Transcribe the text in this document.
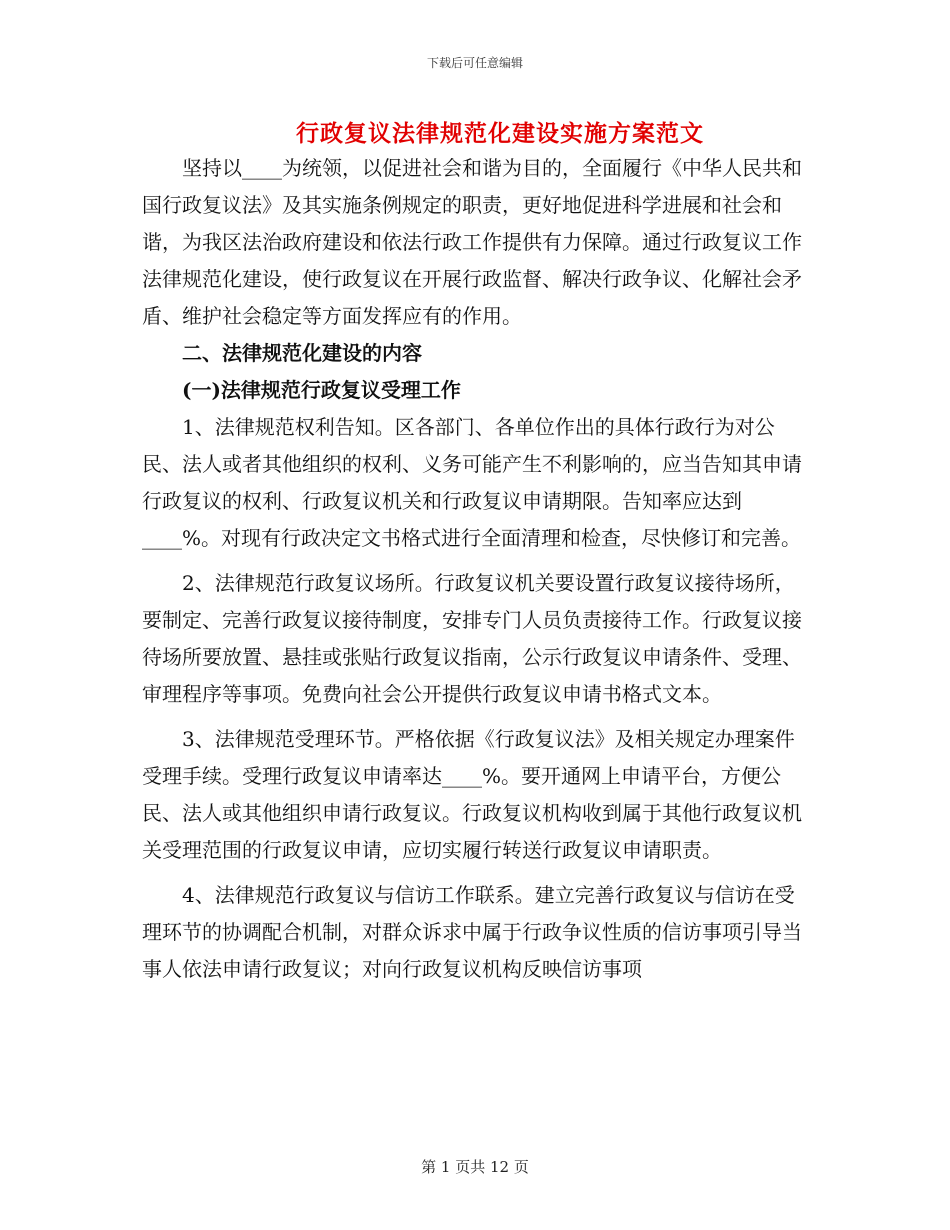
下载后可任意编辑
行政复议法律规范化建设实施方案范文

坚持以____为统领，以促进社会和谐为目的，全面履行《中华人民共和国行政复议法》及其实施条例规定的职责，更好地促进科学进展和社会和谐，为我区法治政府建设和依法行政工作提供有力保障。通过行政复议工作法律规范化建设，使行政复议在开展行政监督、解决行政争议、化解社会矛盾、维护社会稳定等方面发挥应有的作用。

二、法律规范化建设的内容

(一)法律规范行政复议受理工作

1、法律规范权利告知。区各部门、各单位作出的具体行政行为对公民、法人或者其他组织的权利、义务可能产生不利影响的，应当告知其申请行政复议的权利、行政复议机关和行政复议申请期限。告知率应达到____%。对现有行政决定文书格式进行全面清理和检查，尽快修订和完善。

2、法律规范行政复议场所。行政复议机关要设置行政复议接待场所，要制定、完善行政复议接待制度，安排专门人员负责接待工作。行政复议接待场所要放置、悬挂或张贴行政复议指南，公示行政复议申请条件、受理、审理程序等事项。免费向社会公开提供行政复议申请书格式文本。

3、法律规范受理环节。严格依据《行政复议法》及相关规定办理案件受理手续。受理行政复议申请率达____%。要开通网上申请平台，方便公民、法人或其他组织申请行政复议。行政复议机构收到属于其他行政复议机关受理范围的行政复议申请，应切实履行转送行政复议申请职责。

4、法律规范行政复议与信访工作联系。建立完善行政复议与信访在受理环节的协调配合机制，对群众诉求中属于行政争议性质的信访事项引导当事人依法申请行政复议；对向行政复议机构反映信访事项

第 1 页共 12 页
